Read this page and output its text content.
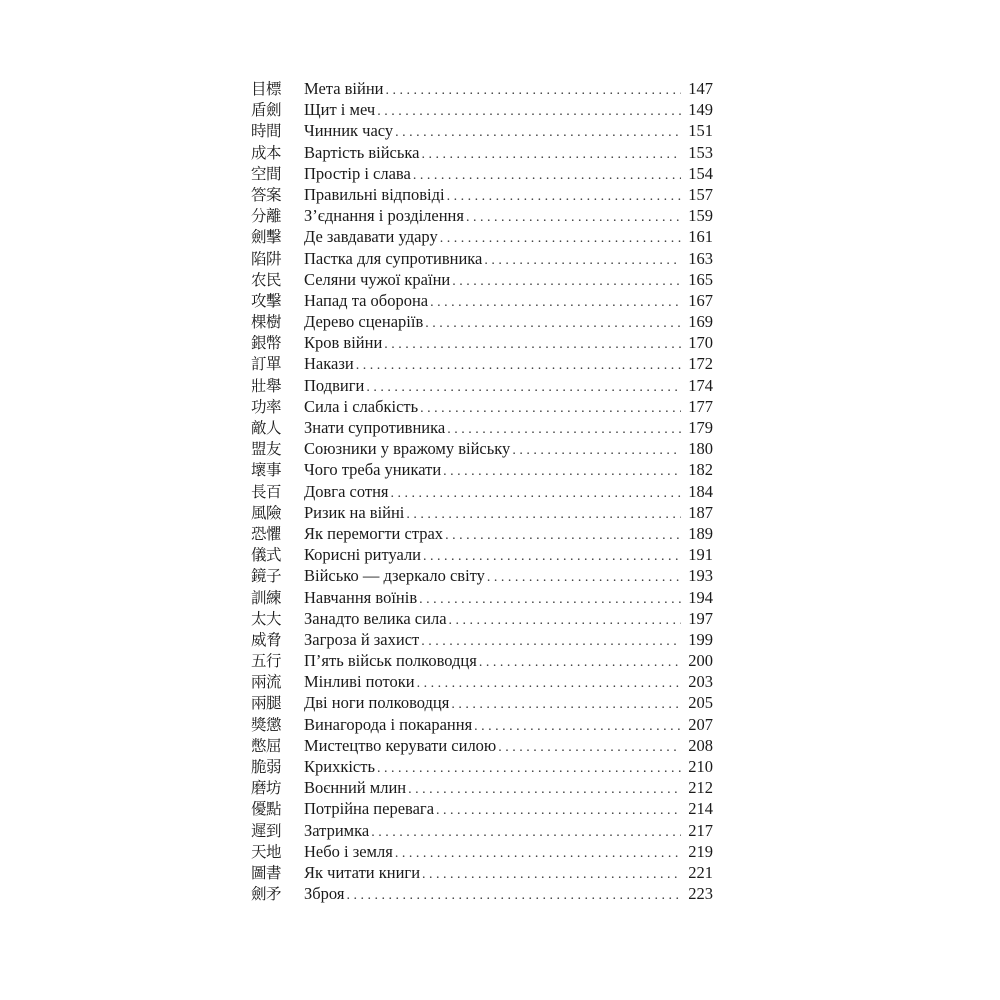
目標	Мета війни . . .	147
盾劍	Щит і меч . . .	149
時間	Чинник часу . . .	151
成本	Вартість війська . . .	153
空間	Простір і слава . . .	154
答案	Правильні відповіді . . .	157
分離	З’єднання і розділення . . .	159
劍擊	Де завдавати удару . . .	161
陷阱	Пастка для супротивника . . .	163
农民	Селяни чужої країни . . .	165
攻擊	Напад та оборона . . .	167
棵樹	Дерево сценаріїв . . .	169
銀幣	Кров війни . . .	170
訂單	Накази . . .	172
壯舉	Подвиги . . .	174
功率	Сила і слабкість . . .	177
敵人	Знати супротивника . . .	179
盟友	Союзники у вражому війську . . .	180
壞事	Чого треба уникати . . .	182
長百	Довга сотня . . .	184
風險	Ризик на війні . . .	187
恐懼	Як перемогти страх . . .	189
儀式	Корисні ритуали . . .	191
鏡子	Військо — дзеркало світу . . .	193
訓練	Навчання воїнів . . .	194
太大	Занадто велика сила . . .	197
威脅	Загроза й захист . . .	199
五行	П’ять військ полководця . . .	200
兩流	Мінливі потоки . . .	203
兩腿	Дві ноги полководця . . .	205
獎懲	Винагорода і покарання . . .	207
憋屈	Мистецтво керувати силою . . .	208
脆弱	Крихкість . . .	210
磨坊	Воєнний млин . . .	212
優點	Потрійна перевага . . .	214
遲到	Затримка . . .	217
天地	Небо і земля . . .	219
圖書	Як читати книги . . .	221
劍矛	Зброя . . .	223
